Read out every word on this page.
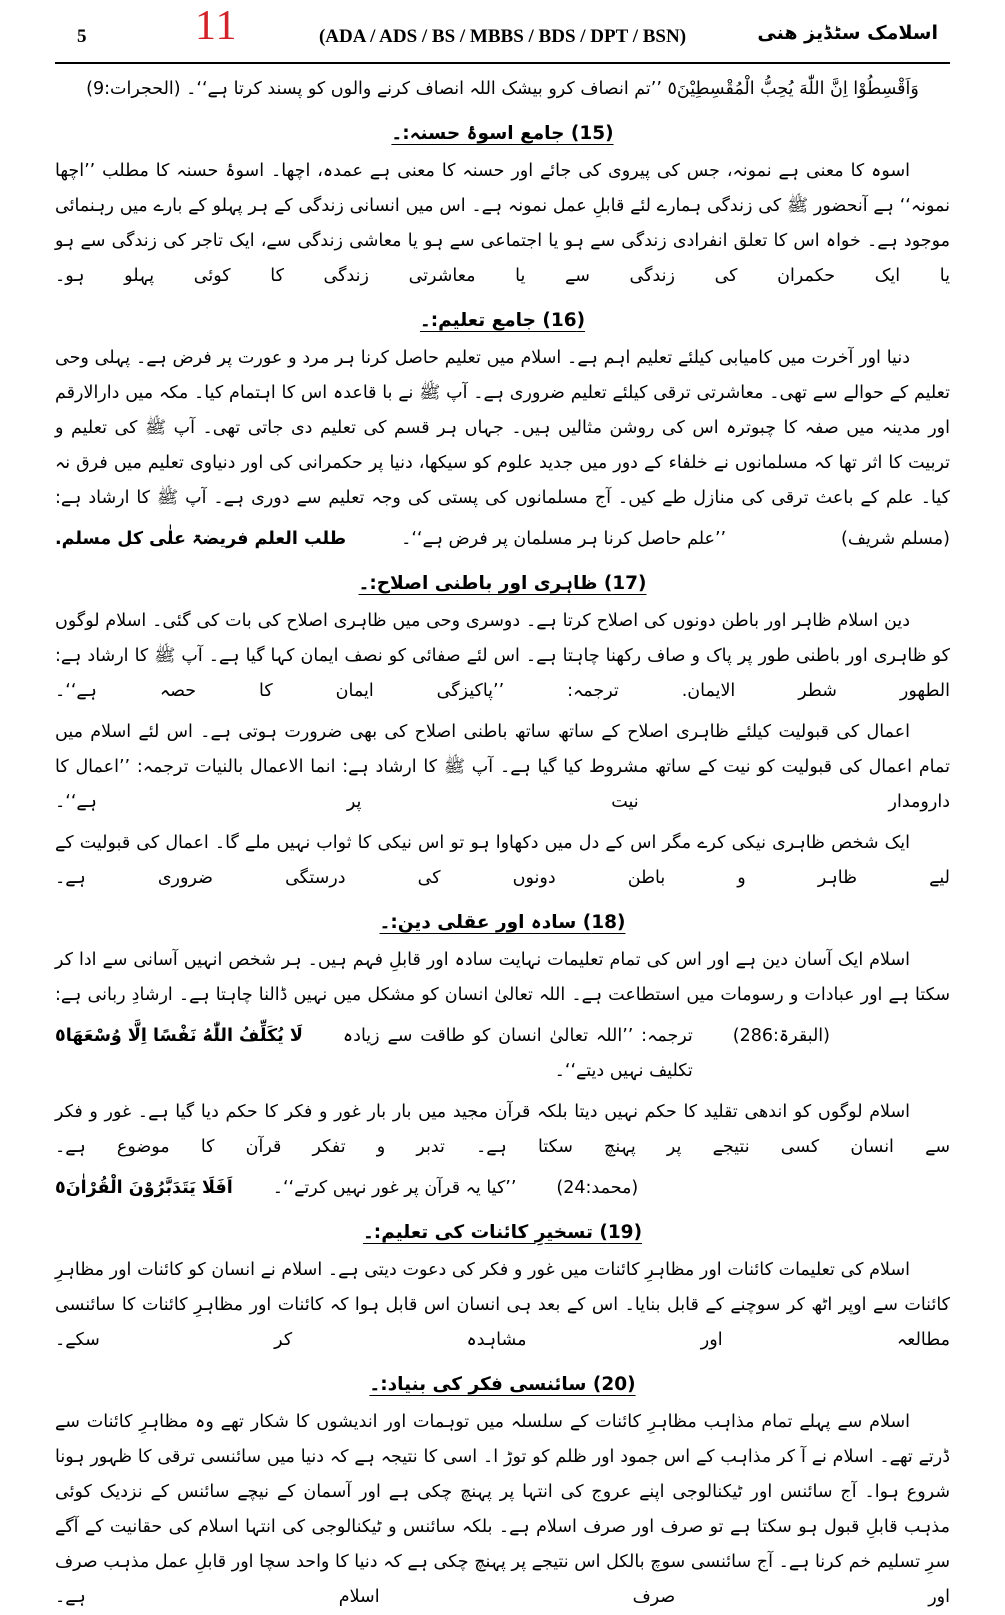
5	11	(ADA / ADS / BS / MBBS / BDS / DPT / BSN)	اسلامک سٹڈیز ھنی
وَاَقْسِطُوْا اِنَّ اللّٰهَ یُحِبُّ الْمُقْسِطِیْنَ٥ ’’تم انصاف کرو بیشک اللہ انصاف کرنے والوں کو پسند کرتا ہے‘‘۔ (الحجرات:9)
(15) جامع اسوۂ حسنہ:۔
اسوہ کا معنی ہے نمونہ، جس کی پیروی کی جائے اور حسنہ کا معنی ہے عمدہ، اچھا۔ اسوۂ حسنہ کا مطلب ’’اچھا نمونہ‘‘ ہے آنحضور ﷺ کی زندگی ہمارے لئے قابلِ عمل نمونہ ہے۔ اس میں انسانی زندگی کے ہر پہلو کے بارے میں رہنمائی موجود ہے۔ خواہ اس کا تعلق انفرادی زندگی سے ہو یا اجتماعی سے ہو یا معاشی زندگی سے، ایک تاجر کی زندگی سے ہو یا ایک حکمران کی زندگی سے یا معاشرتی زندگی کا کوئی پہلو ہو۔
(16) جامع تعلیم:۔
دنیا اور آخرت میں کامیابی کیلئے تعلیم اہم ہے۔ اسلام میں تعلیم حاصل کرنا ہر مرد و عورت پر فرض ہے۔ پہلی وحی تعلیم کے حوالے سے تھی۔ معاشرتی ترقی کیلئے تعلیم ضروری ہے۔ آپ ﷺ نے با قاعدہ اس کا اہتمام کیا۔ مکہ میں دارالارقم اور مدینہ میں صفہ کا چبوترہ اس کی روشن مثالیں ہیں۔ جہاں ہر قسم کی تعلیم دی جاتی تھی۔ آپ ﷺ کی تعلیم و تربیت کا اثر تھا کہ مسلمانوں نے خلفاء کے دور میں جدید علوم کو سیکھا، دنیا پر حکمرانی کی اور دنیاوی تعلیم میں فرق نہ کیا۔ علم کے باعث ترقی کی منازل طے کیں۔ آج مسلمانوں کی پستی کی وجہ تعلیم سے دوری ہے۔ آپ ﷺ کا ارشاد ہے:
طلب العلم فریضۃ علٰی کل مسلم.	’’علم حاصل کرنا ہر مسلمان پر فرض ہے‘‘۔	(مسلم شریف)
(17) ظاہری اور باطنی اصلاح:۔
دین اسلام ظاہر اور باطن دونوں کی اصلاح کرتا ہے۔ دوسری وحی میں ظاہری اصلاح کی بات کی گئی۔ اسلام لوگوں کو ظاہری اور باطنی طور پر پاک و صاف رکھنا چاہتا ہے۔ اس لئے صفائی کو نصف ایمان کہا گیا ہے۔ آپ ﷺ کا ارشاد ہے: الطھور شطر الایمان. ترجمہ: ’’پاکیزگی ایمان کا حصہ ہے‘‘۔
اعمال کی قبولیت کیلئے ظاہری اصلاح کے ساتھ ساتھ باطنی اصلاح کی بھی ضرورت ہوتی ہے۔ اس لئے اسلام میں تمام اعمال کی قبولیت کو نیت کے ساتھ مشروط کیا گیا ہے۔ آپ ﷺ کا ارشاد ہے: انما الاعمال بالنیات ترجمہ: ’’اعمال کا دارومدار نیت پر ہے‘‘۔
ایک شخص ظاہری نیکی کرے مگر اس کے دل میں دکھاوا ہو تو اس نیکی کا ثواب نہیں ملے گا۔ اعمال کی قبولیت کے لیے ظاہر و باطن دونوں کی درستگی ضروری ہے۔
(18) سادہ اور عقلی دین:۔
اسلام ایک آسان دین ہے اور اس کی تمام تعلیمات نہایت سادہ اور قابلِ فہم ہیں۔ ہر شخص انہیں آسانی سے ادا کر سکتا ہے اور عبادات و رسومات میں استطاعت ہے۔ اللہ تعالیٰ انسان کو مشکل میں نہیں ڈالنا چاہتا ہے۔ ارشادِ ربانی ہے:
لَا یُکَلِّفُ اللّٰهُ نَفْسًا اِلَّا وُسْعَهَا٥ ترجمہ: ’’اللہ تعالیٰ انسان کو طاقت سے زیادہ تکلیف نہیں دیتے‘‘۔
(البقرۃ:286)
اسلام لوگوں کو اندھی تقلید کا حکم نہیں دیتا بلکہ قرآن مجید میں بار بار غور و فکر کا حکم دیا گیا ہے۔ غور و فکر سے انسان کسی نتیجے پر پہنچ سکتا ہے۔ تدبر و تفکر قرآن کا موضوع ہے۔
اَفَلَا یَتَدَبَّرُوْنَ الْقُرْاٰنَ٥ ’’کیا یہ قرآن پر غور نہیں کرتے‘‘۔ (محمد:24)
(19) تسخیرِ کائنات کی تعلیم:۔
اسلام کی تعلیمات کائنات اور مظاہرِ کائنات میں غور و فکر کی دعوت دیتی ہے۔ اسلام نے انسان کو کائنات اور مظاہرِ کائنات سے اوپر اٹھ کر سوچنے کے قابل بنایا۔ اس کے بعد ہی انسان اس قابل ہوا کہ کائنات اور مظاہرِ کائنات کا سائنسی مطالعہ اور مشاہدہ کر سکے۔
(20) سائنسی فکر کی بنیاد:۔
اسلام سے پہلے تمام مذاہب مظاہرِ کائنات کے سلسلہ میں توہمات اور اندیشوں کا شکار تھے وہ مظاہرِ کائنات سے ڈرتے تھے۔ اسلام نے آ کر مذاہب کے اس جمود اور ظلم کو توڑ ا۔ اسی کا نتیجہ ہے کہ دنیا میں سائنسی ترقی کا ظہور ہونا شروع ہوا۔ آج سائنس اور ٹیکنالوجی اپنے عروج کی انتہا پر پہنچ چکی ہے اور آسمان کے نیچے سائنس کے نزدیک کوئی مذہب قابلِ قبول ہو سکتا ہے تو صرف اور صرف اسلام ہے۔ بلکہ سائنس و ٹیکنالوجی کی انتہا اسلام کی حقانیت کے آگے سرِ تسلیم خم کرنا ہے۔ آج سائنسی سوچ بالکل اس نتیجے پر پہنچ چکی ہے کہ دنیا کا واحد سچا اور قابلِ عمل مذہب صرف اور صرف اسلام ہے۔
